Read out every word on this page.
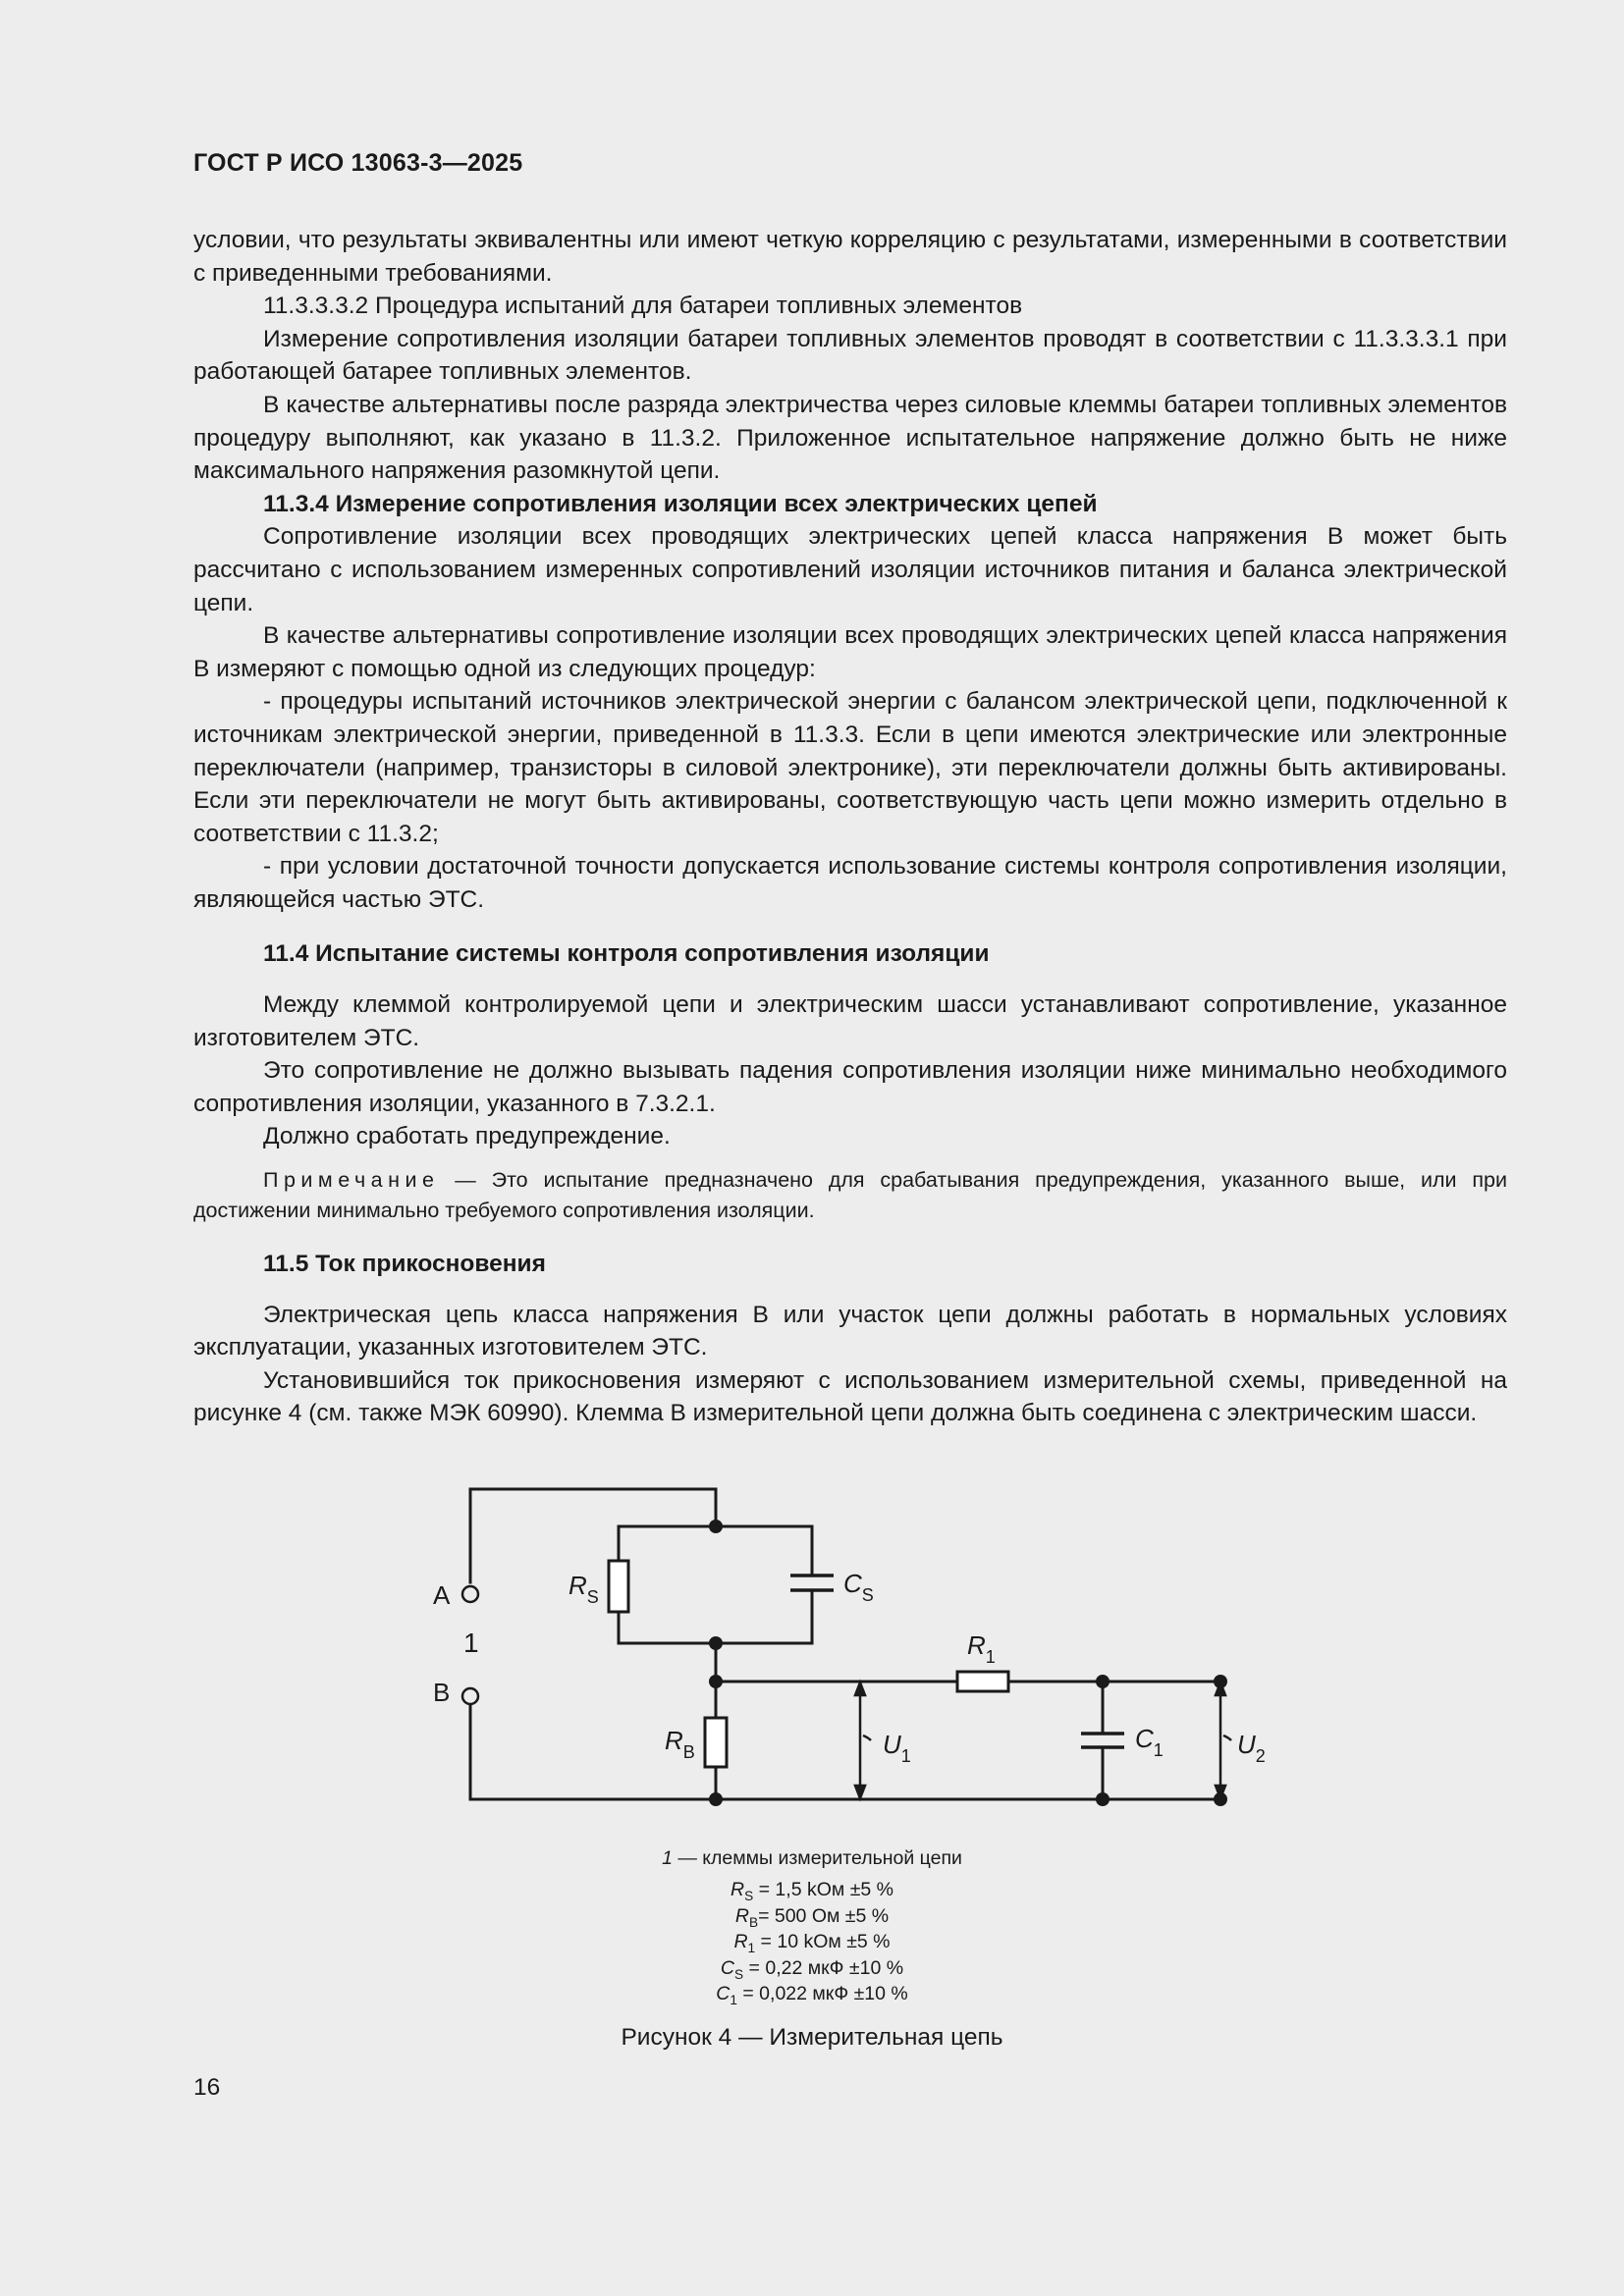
ГОСТ Р ИСО 13063-3—2025

условии, что результаты эквивалентны или имеют четкую корреляцию с результатами, измеренными в соответствии с приведенными требованиями.

11.3.3.3.2 Процедура испытаний для батареи топливных элементов

Измерение сопротивления изоляции батареи топливных элементов проводят в соответствии с 11.3.3.3.1 при работающей батарее топливных элементов.

В качестве альтернативы после разряда электричества через силовые клеммы батареи топливных элементов процедуру выполняют, как указано в 11.3.2. Приложенное испытательное напряжение должно быть не ниже максимального напряжения разомкнутой цепи.

11.3.4 Измерение сопротивления изоляции всех электрических цепей

Сопротивление изоляции всех проводящих электрических цепей класса напряжения В может быть рассчитано с использованием измеренных сопротивлений изоляции источников питания и баланса электрической цепи.

В качестве альтернативы сопротивление изоляции всех проводящих электрических цепей класса напряжения В измеряют с помощью одной из следующих процедур:

- процедуры испытаний источников электрической энергии с балансом электрической цепи, подключенной к источникам электрической энергии, приведенной в 11.3.3. Если в цепи имеются электрические или электронные переключатели (например, транзисторы в силовой электронике), эти переключатели должны быть активированы. Если эти переключатели не могут быть активированы, соответствующую часть цепи можно измерить отдельно в соответствии с 11.3.2;

- при условии достаточной точности допускается использование системы контроля сопротивления изоляции, являющейся частью ЭТС.

11.4 Испытание системы контроля сопротивления изоляции

Между клеммой контролируемой цепи и электрическим шасси устанавливают сопротивление, указанное изготовителем ЭТС.

Это сопротивление не должно вызывать падения сопротивления изоляции ниже минимально необходимого сопротивления изоляции, указанного в 7.3.2.1.

Должно сработать предупреждение.

Примечание — Это испытание предназначено для срабатывания предупреждения, указанного выше, или при достижении минимально требуемого сопротивления изоляции.

11.5 Ток прикосновения

Электрическая цепь класса напряжения В или участок цепи должны работать в нормальных условиях эксплуатации, указанных изготовителем ЭТС.

Установившийся ток прикосновения измеряют с использованием измерительной схемы, приведенной на рисунке 4 (см. также МЭК 60990). Клемма В измерительной цепи должна быть соединена с электрическим шасси.

A
B
1
$R_S$	$C_S$
$R_1$
$R_B$	$U_1$
$C_1$	$U_2$
1 — клеммы измерительной цепи
$R_S = 1,5$ kОм ±5 %
$R_B= 500$ Ом ±5 %
$R_1 = 10$ kОм ±5 %
$C_S = 0,22$ мкФ ±10 %
$C_1 = 0,022$ мкФ ±10 %
Рисунок 4 — Измерительная цепь
16
